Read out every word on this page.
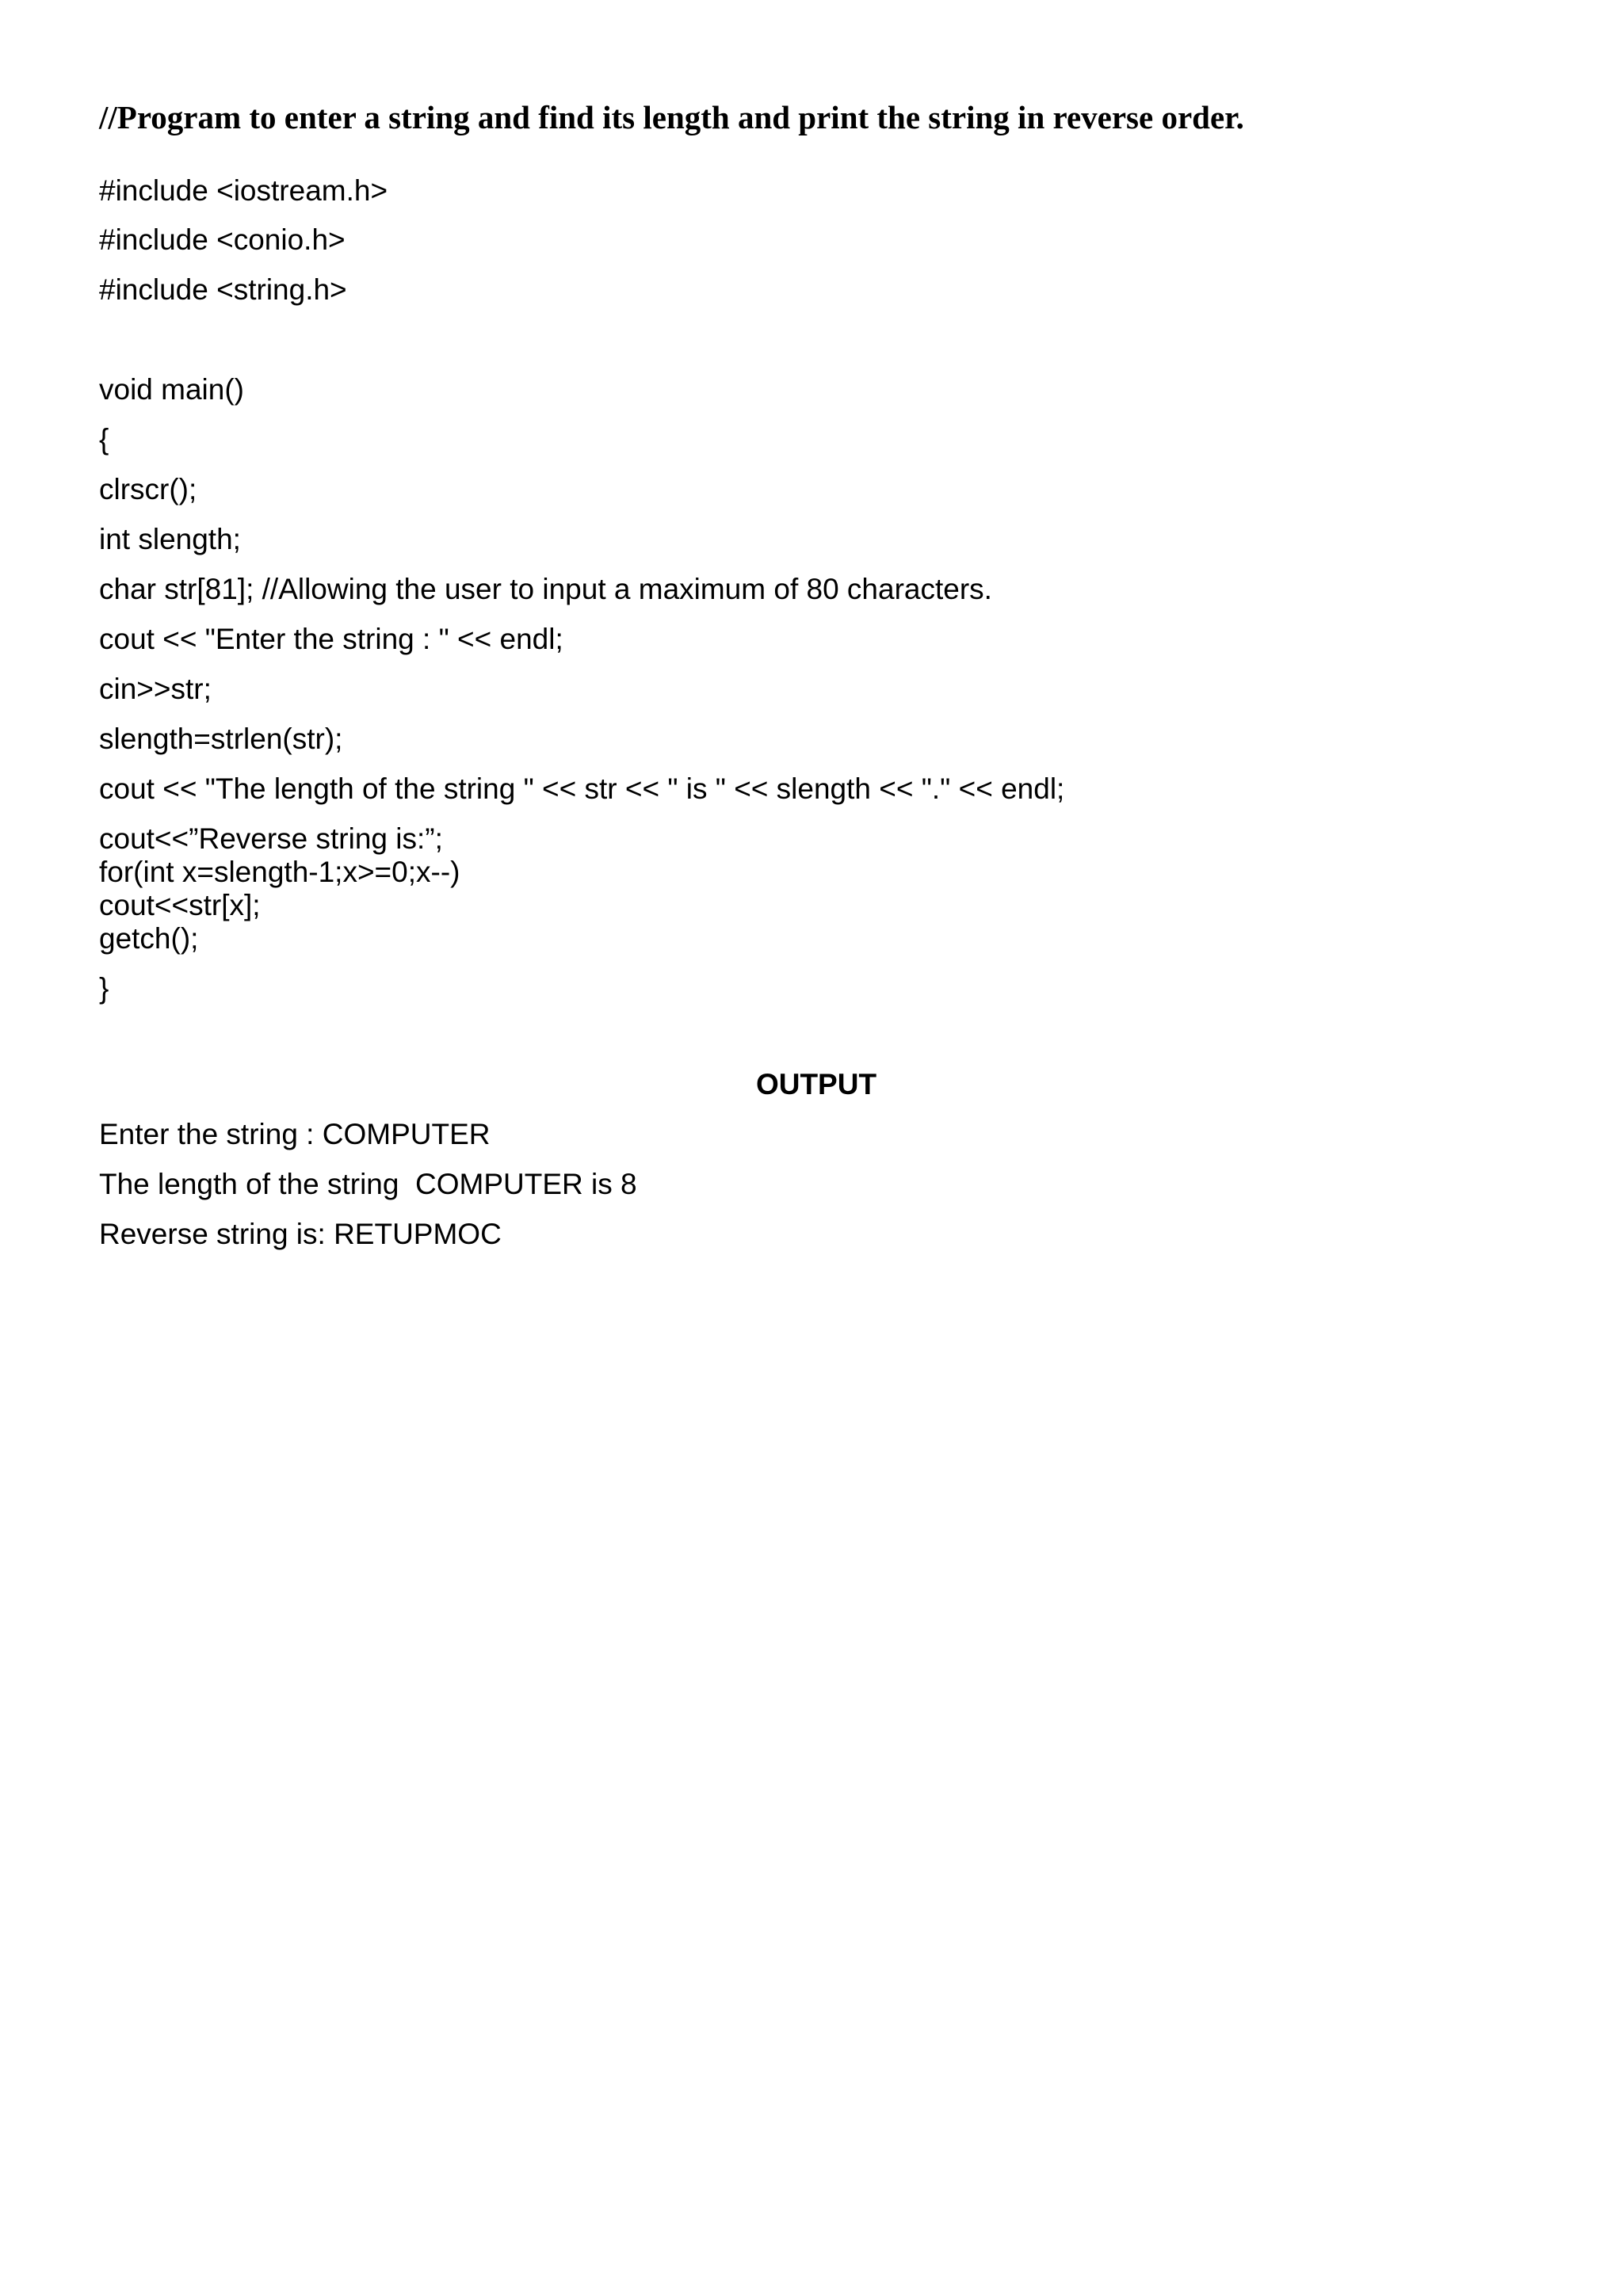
//Program to enter a string and find its length and print the string in reverse order.
#include <iostream.h>
#include <conio.h>
#include <string.h>
void main()
{
clrscr();
int slength;
char str[81]; //Allowing the user to input a maximum of 80 characters.
cout << "Enter the string : " << endl;
cin>>str;
slength=strlen(str);
cout << "The length of the string " << str << " is " << slength << "." << endl;
cout<<”Reverse string is:”;
for(int x=slength-1;x>=0;x--)
cout<<str[x];
getch();
}
OUTPUT
Enter the string : COMPUTER
The length of the string  COMPUTER is 8
Reverse string is: RETUPMOC
